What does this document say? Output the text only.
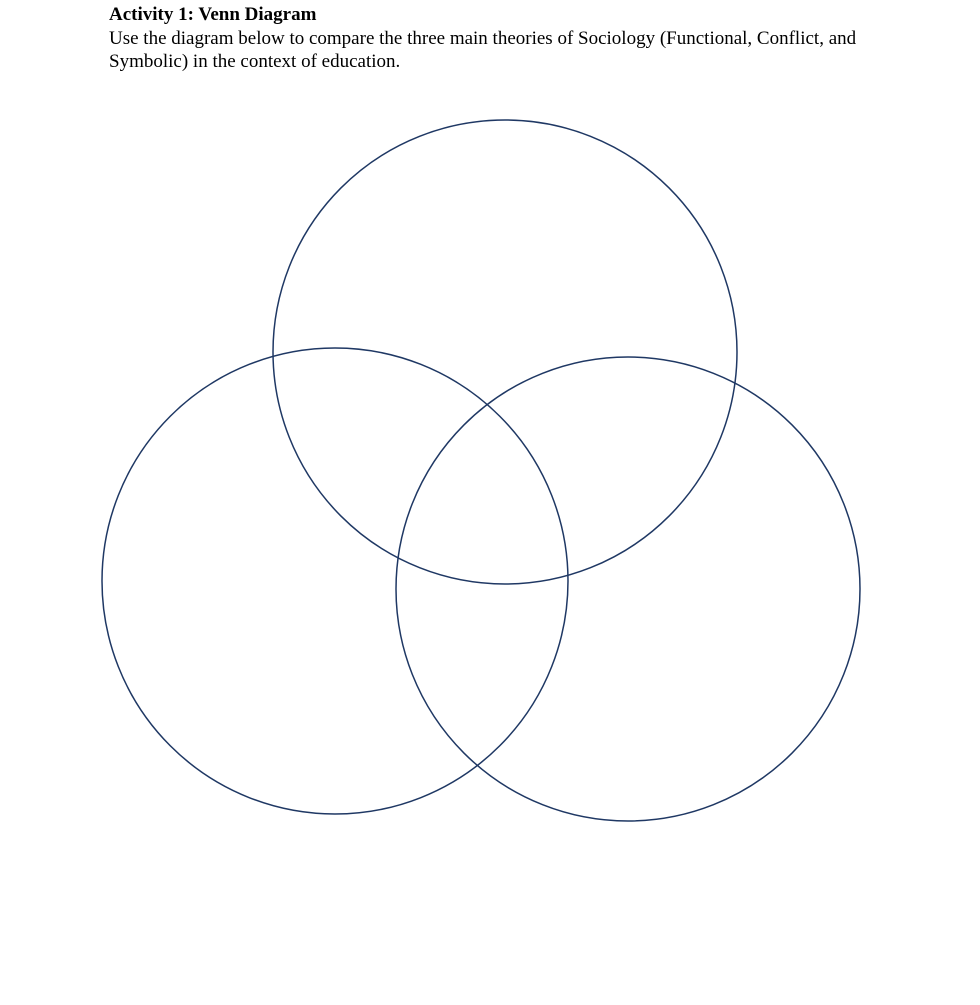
Activity 1: Venn Diagram
Use the diagram below to compare the three main theories of Sociology (Functional, Conflict, and Symbolic) in the context of education.
